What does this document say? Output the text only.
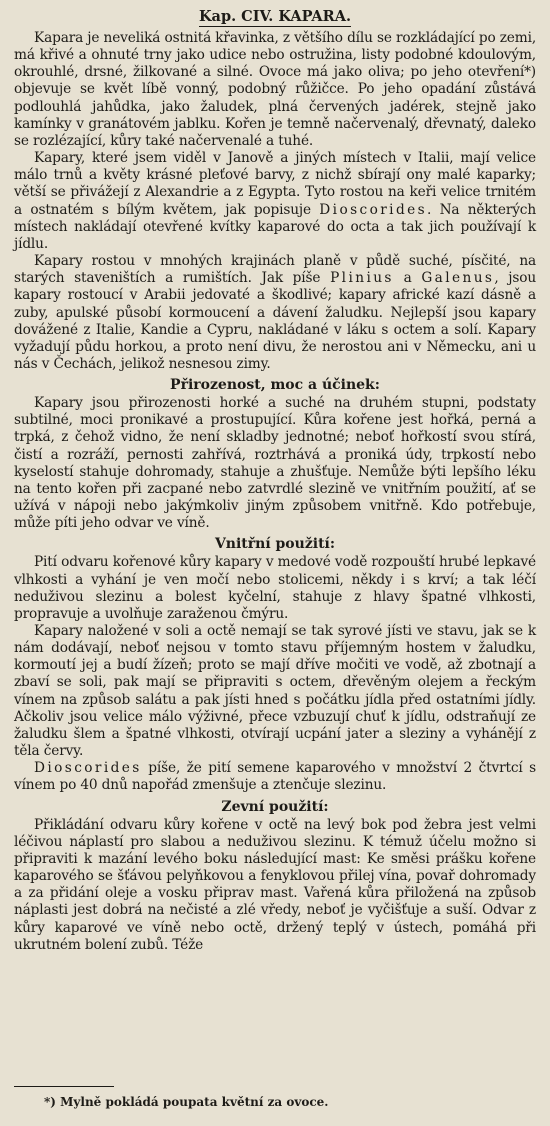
Kap. CIV. KAPARA.

Kapara je neveliká ostnitá křavinka, z většího dílu se rozkládající po zemi, má křivé a ohnuté trny jako udice nebo ostružina, listy podobné kdoulovým, okrouhlé, drsné, žilkované a silné. Ovoce má jako oliva; po jeho otevření*) objevuje se květ líbě vonný, podobný růžičce. Po jeho opadání zůstává podlouhlá jahůdka, jako žaludek, plná červených jadérek, stejně jako kamínky v granátovém jablku. Kořen je temně načervenalý, dřevnatý, daleko se rozlézající, kůry také načervenalé a tuhé.

Kapary, které jsem viděl v Janově a jiných místech v Italii, mají velice málo trnů a květy krásné pleťové barvy, z nichž sbírají ony malé kaparky; větší se přivážejí z Alexandrie a z Egypta. Tyto rostou na keři velice trnitém a ostnatém s bílým květem, jak popisuje Dioscorides. Na některých místech nakládají otevřené kvítky kaparové do octa a tak jich používají k jídlu.

Kapary rostou v mnohých krajinách planě v půdě suché, písčité, na starých staveništích a rumištích. Jak píše Plinius a Galenus, jsou kapary rostoucí v Arabii jedovaté a škodlivé; kapary africké kazí dásně a zuby, apulské působí kormoucení a dávení žaludku. Nejlepší jsou kapary dovážené z Italie, Kandie a Cypru, nakládané v láku s octem a solí. Kapary vyžadují půdu horkou, a proto není divu, že nerostou ani v Německu, ani u nás v Čechách, jelikož nesnesou zimy.

Přirozenost, moc a účinek:

Kapary jsou přirozenosti horké a suché na druhém stupni, podstaty subtilné, moci pronikavé a prostupující. Kůra kořene jest hořká, perná a trpká, z čehož vidno, že není skladby jednotné; neboť hořkostí svou stírá, čistí a rozráží, pernosti zahřívá, roztrhává a proniká údy, trpkostí nebo kyselostí stahuje dohromady, stahuje a zhušťuje. Nemůže býti lepšího léku na tento kořen při zacpané nebo zatvrdlé slezině ve vnitřním použití, ať se užívá v nápoji nebo jakýmkoliv jiným způsobem vnitřně. Kdo potřebuje, může píti jeho odvar ve víně.

Vnitřní použití:

Pití odvaru kořenové kůry kapary v medové vodě rozpouští hrubé lepkavé vlhkosti a vyhání je ven močí nebo stolicemi, někdy i s krví; a tak léčí neduživou slezinu a bolest kyčelní, stahuje z hlavy špatné vlhkosti, propravuje a uvolňuje zaraženou čmýru.

Kapary naložené v soli a octě nemají se tak syrové jísti ve stavu, jak se k nám dodávají, neboť nejsou v tomto stavu příjemným hostem v žaludku, kormoutí jej a budí žízeň; proto se mají dříve močiti ve vodě, až zbotnají a zbaví se soli, pak mají se připraviti s octem, dřevěným olejem a řeckým vínem na způsob salátu a pak jísti hned s počátku jídla před ostatními jídly. Ačkoliv jsou velice málo výživné, přece vzbuzují chuť k jídlu, odstraňují ze žaludku šlem a špatné vlhkosti, otvírají ucpání jater a sleziny a vyhánějí z těla červy.

Dioscorides píše, že pití semene kaparového v množství 2 čtvrtcí s vínem po 40 dnů napořád zmenšuje a ztenčuje slezinu.

Zevní použití:

Přikládání odvaru kůry kořene v octě na levý bok pod žebra jest velmi léčivou náplastí pro slabou a neduživou slezinu. K témuž účelu možno si připraviti k mazání levého boku následující mast: Ke směsi prášku kořene kaparového se šťávou pelyňkovou a fenyklovou přilej vína, povař dohromady a za přidání oleje a vosku připrav mast. Vařená kůra přiložená na způsob náplasti jest dobrá na nečisté a zlé vředy, neboť je vyčišťuje a suší. Odvar z kůry kaparové ve víně nebo octě, držený teplý v ústech, pomáhá při ukrutném bolení zubů. Téže

*) Mylně pokládá poupata květní za ovoce.
